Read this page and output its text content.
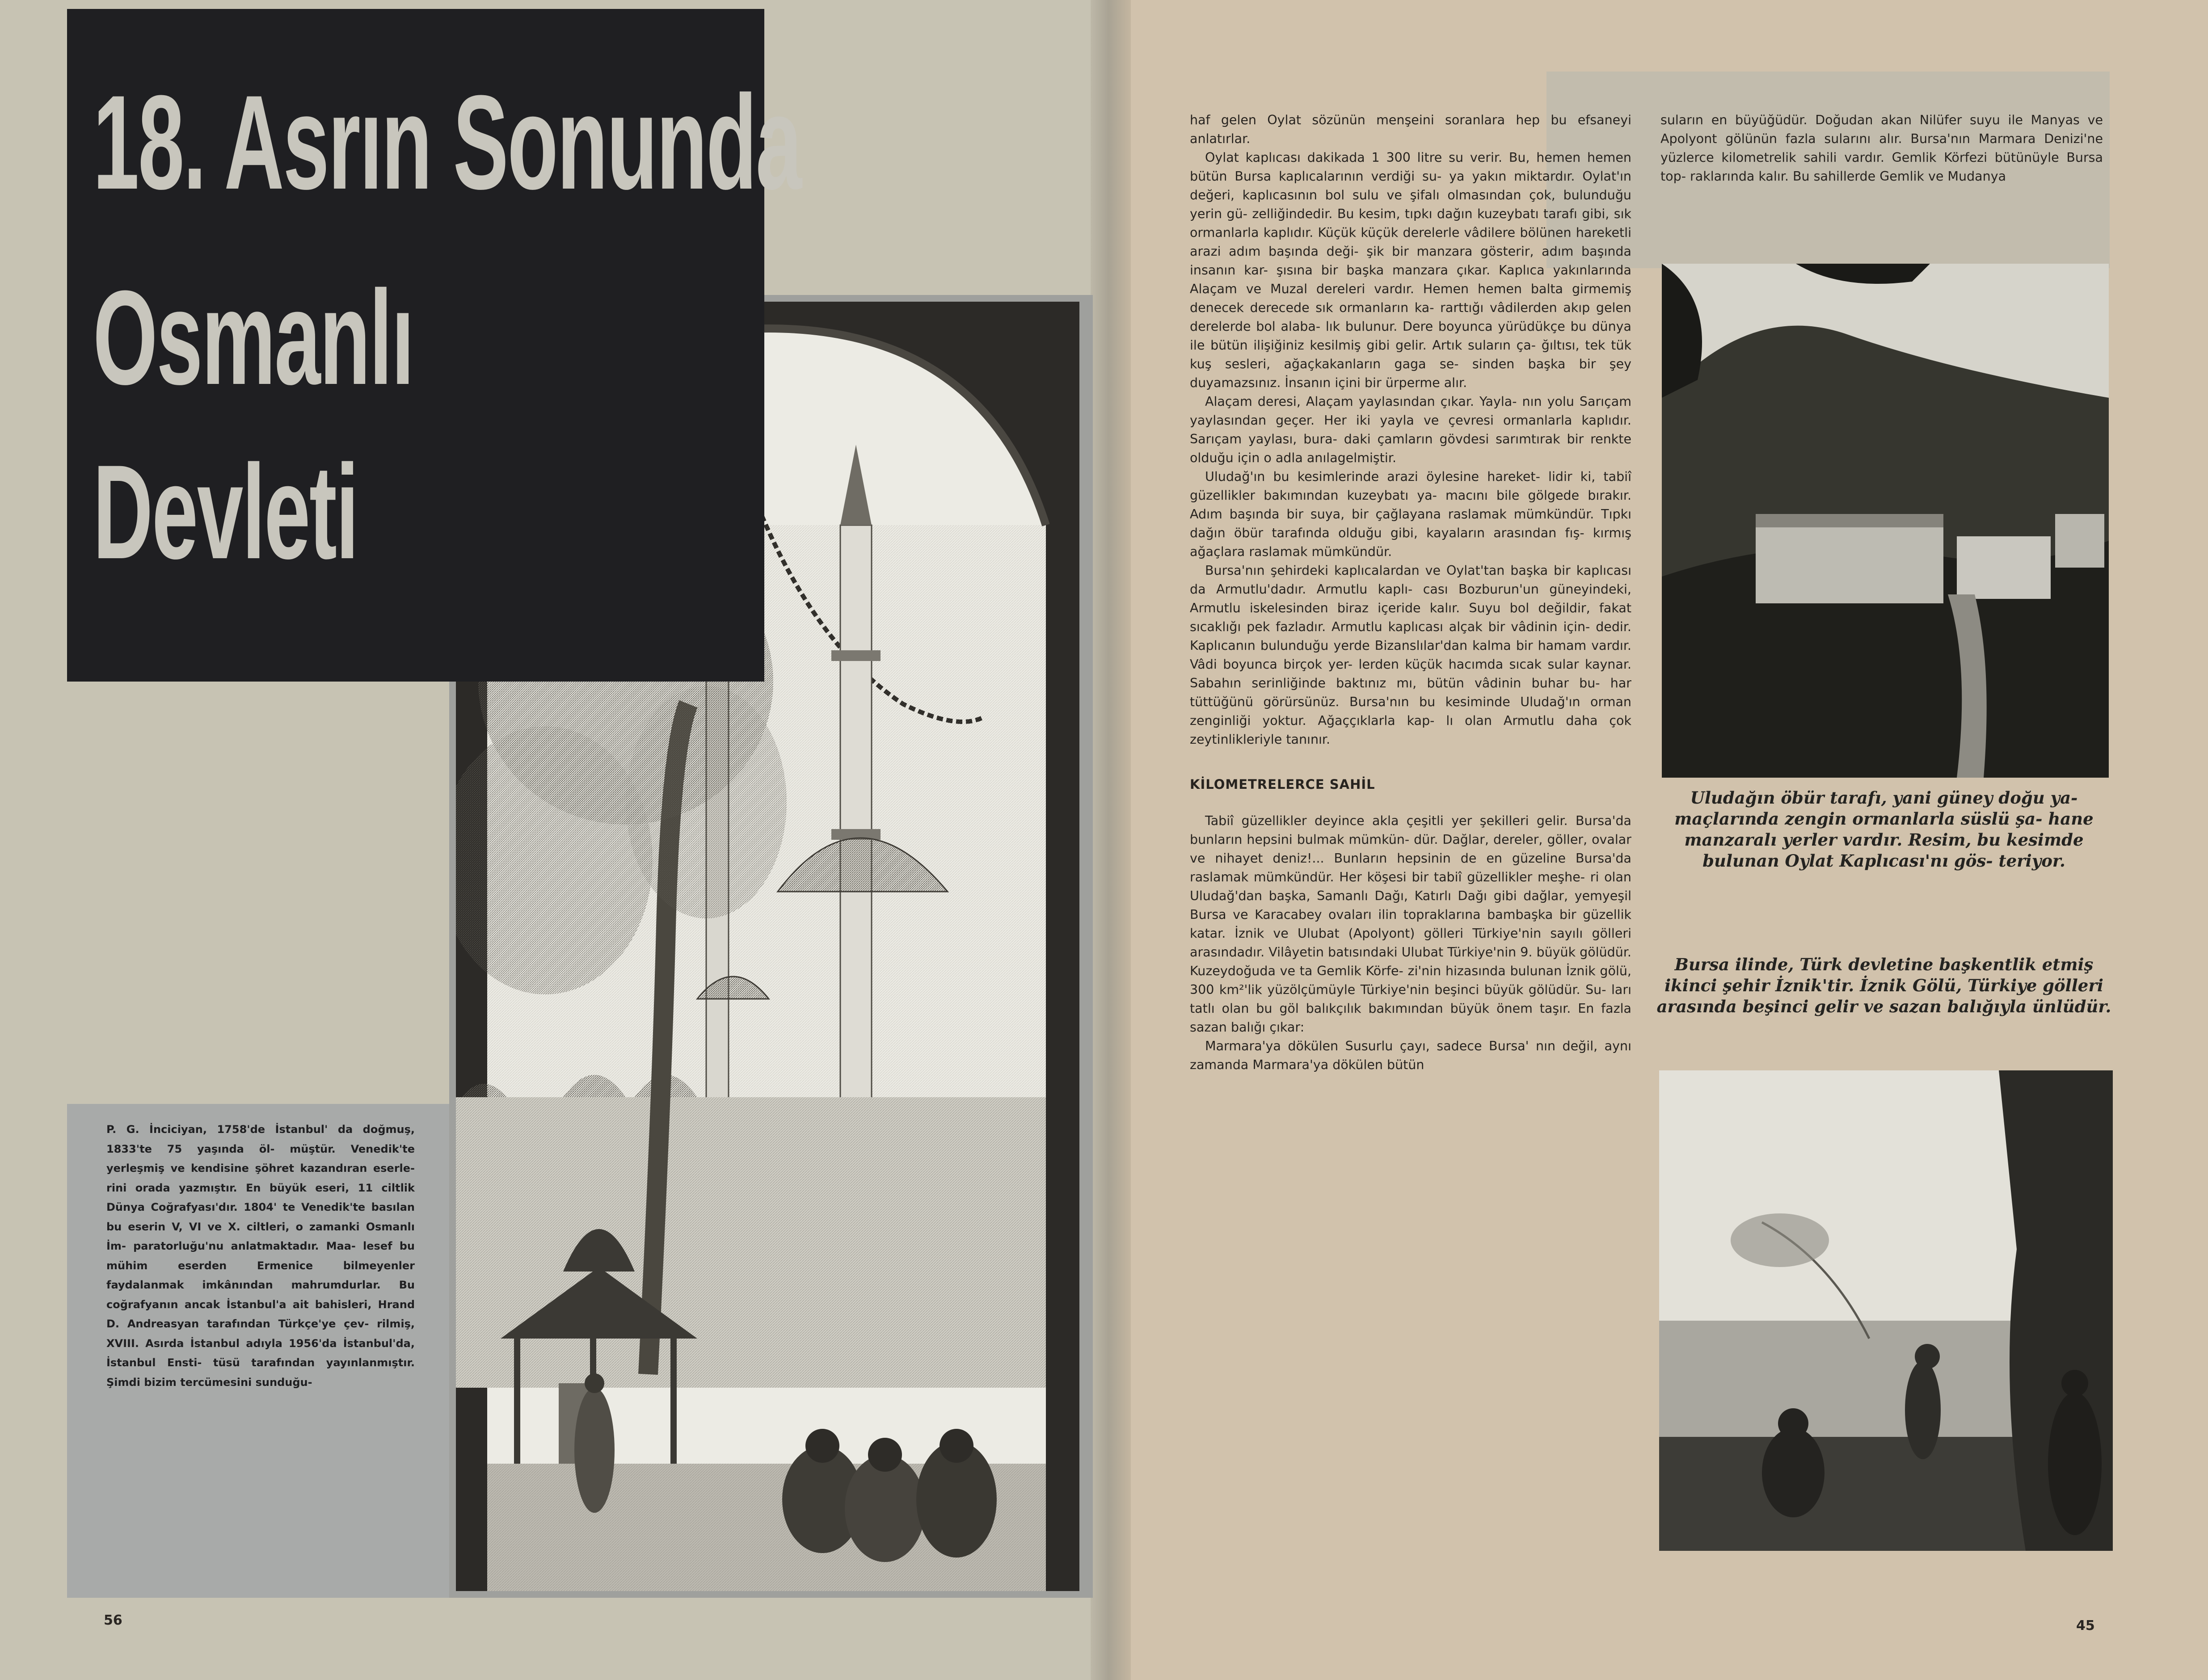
18. Asrın Sonunda
Osmanlı
Devleti
P. G. İnciciyan, 1758'de İstanbul' da doğmuş, 1833'te 75 yaşında öl- müştür. Venedik'te yerleşmiş ve kendisine şöhret kazandıran eserle- rini orada yazmıştır. En büyük eseri, 11 ciltlik Dünya Coğrafyası'dır. 1804' te Venedik'te basılan bu eserin V, VI ve X. ciltleri, o zamanki Osmanlı İm- paratorluğu'nu anlatmaktadır. Maa- lesef bu mühim eserden Ermenice bilmeyenler faydalanmak imkânından mahrumdurlar. Bu coğrafyanın ancak İstanbul'a ait bahisleri, Hrand D. Andreasyan tarafından Türkçe'ye çev- rilmiş, XVIII. Asırda İstanbul adıyla 1956'da İstanbul'da, İstanbul Ensti- tüsü tarafından yayınlanmıştır. Şimdi bizim tercümesini sunduğu-
56

haf gelen Oylat sözünün menşeini soranlara hep bu efsaneyi anlatırlar.

Oylat kaplıcası dakikada 1 300 litre su verir. Bu, hemen hemen bütün Bursa kaplıcalarının verdiği su- ya yakın miktardır. Oylat'ın değeri, kaplıcasının bol sulu ve şifalı olmasından çok, bulunduğu yerin gü- zelliğindedir. Bu kesim, tıpkı dağın kuzeybatı tarafı gibi, sık ormanlarla kaplıdır. Küçük küçük derelerle vâdilere bölünen hareketli arazi adım başında deği- şik bir manzara gösterir, adım başında insanın kar- şısına bir başka manzara çıkar. Kaplıca yakınlarında Alaçam ve Muzal dereleri vardır. Hemen hemen balta girmemiş denecek derecede sık ormanların ka- rarttığı vâdilerden akıp gelen derelerde bol alaba- lık bulunur. Dere boyunca yürüdükçe bu dünya ile bütün ilişiğiniz kesilmiş gibi gelir. Artık suların ça- ğıltısı, tek tük kuş sesleri, ağaçkakanların gaga se- sinden başka bir şey duyamazsınız. İnsanın içini bir ürperme alır.

Alaçam deresi, Alaçam yaylasından çıkar. Yayla- nın yolu Sarıçam yaylasından geçer. Her iki yayla ve çevresi ormanlarla kaplıdır. Sarıçam yaylası, bura- daki çamların gövdesi sarımtırak bir renkte olduğu için o adla anılagelmiştir.

Uludağ'ın bu kesimlerinde arazi öylesine hareket- lidir ki, tabiî güzellikler bakımından kuzeybatı ya- macını bile gölgede bırakır. Adım başında bir suya, bir çağlayana raslamak mümkündür. Tıpkı dağın öbür tarafında olduğu gibi, kayaların arasından fış- kırmış ağaçlara raslamak mümkündür.

Bursa'nın şehirdeki kaplıcalardan ve Oylat'tan başka bir kaplıcası da Armutlu'dadır. Armutlu kaplı- cası Bozburun'un güneyindeki, Armutlu iskelesinden biraz içeride kalır. Suyu bol değildir, fakat sıcaklığı pek fazladır. Armutlu kaplıcası alçak bir vâdinin için- dedir. Kaplıcanın bulunduğu yerde Bizanslılar'dan kalma bir hamam vardır. Vâdi boyunca birçok yer- lerden küçük hacımda sıcak sular kaynar. Sabahın serinliğinde baktınız mı, bütün vâdinin buhar bu- har tüttüğünü görürsünüz. Bursa'nın bu kesiminde Uludağ'ın orman zenginliği yoktur. Ağaççıklarla kap- lı olan Armutlu daha çok zeytinlikleriyle tanınır.

KİLOMETRELERCE SAHİL

Tabiî güzellikler deyince akla çeşitli yer şekilleri gelir. Bursa'da bunların hepsini bulmak mümkün- dür. Dağlar, dereler, göller, ovalar ve nihayet deniz!... Bunların hepsinin de en güzeline Bursa'da raslamak mümkündür. Her köşesi bir tabiî güzellikler meşhe- ri olan Uludağ'dan başka, Samanlı Dağı, Katırlı Dağı gibi dağlar, yemyeşil Bursa ve Karacabey ovaları ilin topraklarına bambaşka bir güzellik katar. İznik ve Ulubat (Apolyont) gölleri Türkiye'nin sayılı gölleri arasındadır. Vilâyetin batısındaki Ulubat Türkiye'nin 9. büyük gölüdür. Kuzeydoğuda ve ta Gemlik Körfe- zi'nin hizasında bulunan İznik gölü, 300 km²'lik yüzölçümüyle Türkiye'nin beşinci büyük gölüdür. Su- ları tatlı olan bu göl balıkçılık bakımından büyük önem taşır. En fazla sazan balığı çıkar:

Marmara'ya dökülen Susurlu çayı, sadece Bursa' nın değil, aynı zamanda Marmara'ya dökülen bütün

suların en büyüğüdür. Doğudan akan Nilüfer suyu ile Manyas ve Apolyont gölünün fazla sularını alır. Bursa'nın Marmara Denizi'ne yüzlerce kilometrelik sahili vardır. Gemlik Körfezi bütünüyle Bursa top- raklarında kalır. Bu sahillerde Gemlik ve Mudanya

Uludağın öbür tarafı, yani güney doğu ya- maçlarında zengin ormanlarla süslü şa- hane manzaralı yerler vardır. Resim, bu kesimde bulunan Oylat Kaplıcası'nı gös- teriyor.
Bursa ilinde, Türk devletine başkentlik etmiş ikinci şehir İznik'tir. İznik Gölü, Türkiye gölleri arasında beşinci gelir ve sazan balığıyla ünlüdür.
45
